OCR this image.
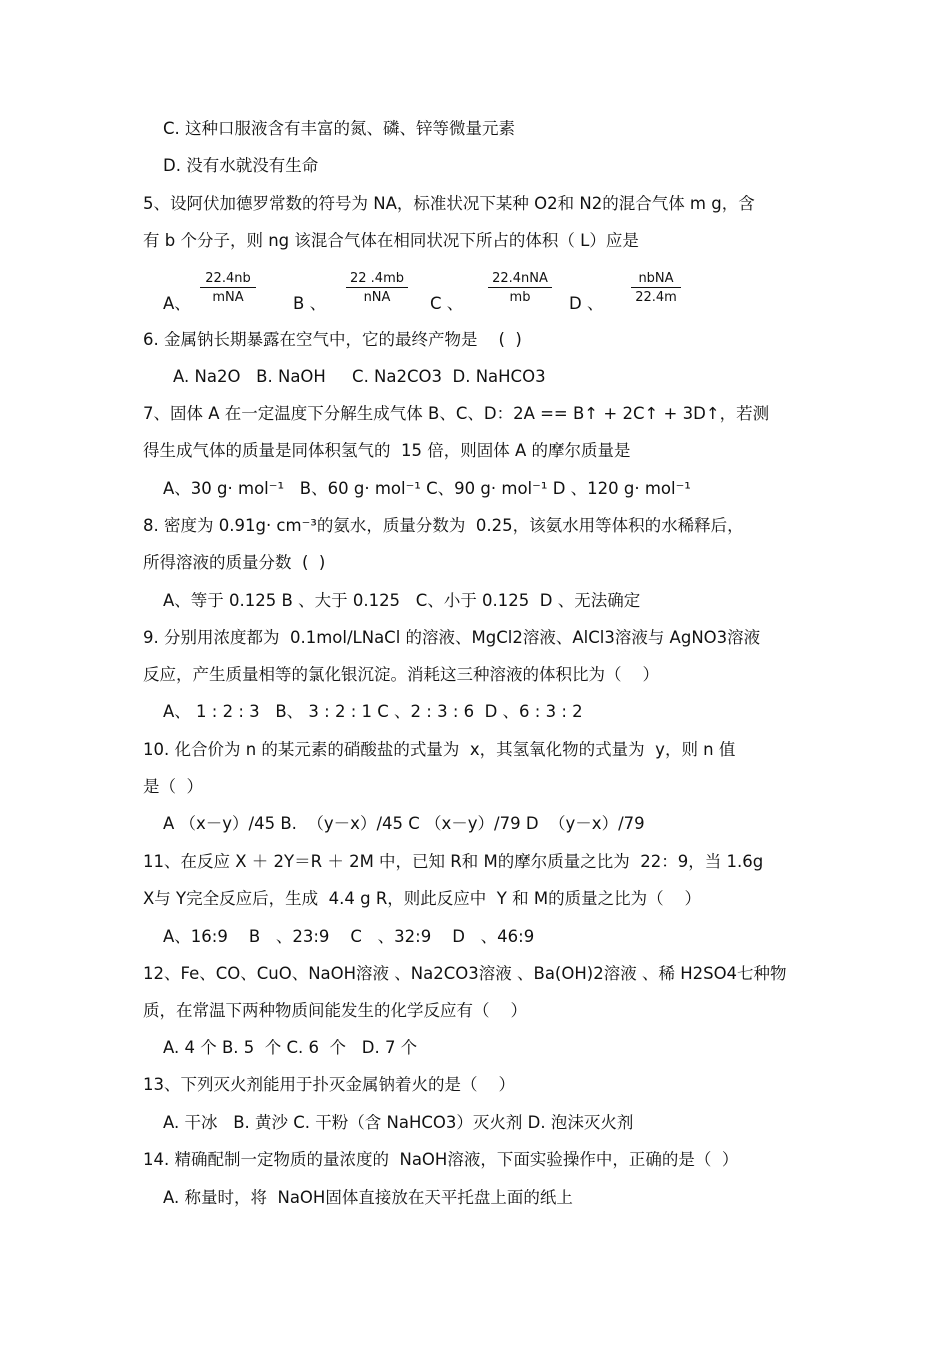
C. 这种口服液含有丰富的氮、磷、锌等微量元素
D. 没有水就没有生命
5、设阿伏加德罗常数的符号为 NA，标准状况下某种 O2和 N2的混合气体 m g，含
有 b 个分子，则 ng 该混合气体在相同状况下所占的体积（ L）应是
A、
22.4nb
mNA	B 、
22 .4mb
nNA	C 、
22.4nNA
mb	D 、
nbNA
22.4m
6. 金属钠长期暴露在空气中，它的最终产物是    (  )
A. Na2O   B. NaOH     C. Na2CO3  D. NaHCO3
7、固体 A 在一定温度下分解生成气体 B、C、D：2A == B↑ + 2C↑ + 3D↑，若测
得生成气体的质量是同体积氢气的  15 倍，则固体 A 的摩尔质量是
A、30 g· mol⁻¹   B、60 g· mol⁻¹ C、90 g· mol⁻¹ D 、120 g· mol⁻¹
8. 密度为 0.91g· cm⁻³的氨水，质量分数为  0.25，该氨水用等体积的水稀释后，
所得溶液的质量分数  (  )
A、等于 0.125 B 、大于 0.125   C、小于 0.125  D 、无法确定
9. 分别用浓度都为  0.1mol/LNaCl 的溶液、MgCl2溶液、AlCl3溶液与 AgNO3溶液
反应，产生质量相等的氯化银沉淀。消耗这三种溶液的体积比为（    ）
A、 1 : 2 : 3   B、 3 : 2 : 1 C 、2 : 3 : 6  D 、6 : 3 : 2
10. 化合价为 n 的某元素的硝酸盐的式量为  x，其氢氧化物的式量为  y，则 n 值
是（  ）
A （x－y）/45 B.  （y－x）/45 C （x－y）/79 D  （y－x）/79
11、在反应 X ＋ 2Y＝R ＋ 2M 中，已知 R和 M的摩尔质量之比为  22：9，当 1.6g
X与 Y完全反应后，生成  4.4 g R，则此反应中  Y 和 M的质量之比为（    ）
A、16:9    B   、23:9    C   、32:9    D   、46:9
12、Fe、CO、CuO、NaOH溶液 、Na2CO3溶液 、Ba(OH)2溶液 、稀 H2SO4七种物
质，在常温下两种物质间能发生的化学反应有（    ）
A. 4 个 B. 5  个 C. 6  个   D. 7 个
13、下列灭火剂能用于扑灭金属钠着火的是（    ）
A. 干冰   B. 黄沙 C. 干粉（含 NaHCO3）灭火剂 D. 泡沫灭火剂
14. 精确配制一定物质的量浓度的  NaOH溶液，下面实验操作中，正确的是（  ）
A. 称量时，将  NaOH固体直接放在天平托盘上面的纸上
